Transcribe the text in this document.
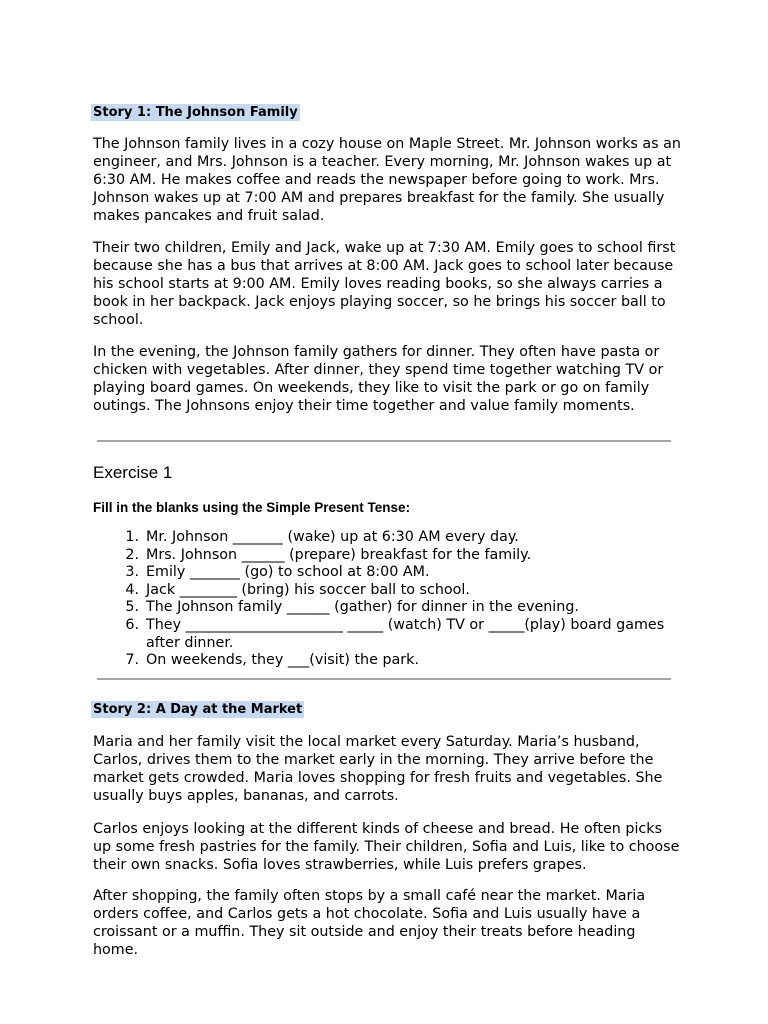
Story 1: The Johnson Family

The Johnson family lives in a cozy house on Maple Street. Mr. Johnson works as an engineer, and Mrs. Johnson is a teacher. Every morning, Mr. Johnson wakes up at 6:30 AM. He makes coffee and reads the newspaper before going to work. Mrs. Johnson wakes up at 7:00 AM and prepares breakfast for the family. She usually makes pancakes and fruit salad.

Their two children, Emily and Jack, wake up at 7:30 AM. Emily goes to school first because she has a bus that arrives at 8:00 AM. Jack goes to school later because his school starts at 9:00 AM. Emily loves reading books, so she always carries a book in her backpack. Jack enjoys playing soccer, so he brings his soccer ball to school.

In the evening, the Johnson family gathers for dinner. They often have pasta or chicken with vegetables. After dinner, they spend time together watching TV or playing board games. On weekends, they like to visit the park or go on family outings. The Johnsons enjoy their time together and value family moments.

Exercise 1

Fill in the blanks using the Simple Present Tense:

1. Mr. Johnson _______ (wake) up at 6:30 AM every day.
2. Mrs. Johnson ______ (prepare) breakfast for the family.
3. Emily _______ (go) to school at 8:00 AM.
4. Jack ________ (bring) his soccer ball to school.
5. The Johnson family ______ (gather) for dinner in the evening.
6. They ______________________ _____ (watch) TV or _____(play) board games after dinner.
7. On weekends, they ___(visit) the park.
Story 2: A Day at the Market

Maria and her family visit the local market every Saturday. Maria’s husband, Carlos, drives them to the market early in the morning. They arrive before the market gets crowded. Maria loves shopping for fresh fruits and vegetables. She usually buys apples, bananas, and carrots.

Carlos enjoys looking at the different kinds of cheese and bread. He often picks up some fresh pastries for the family. Their children, Sofia and Luis, like to choose their own snacks. Sofia loves strawberries, while Luis prefers grapes.

After shopping, the family often stops by a small café near the market. Maria orders coffee, and Carlos gets a hot chocolate. Sofia and Luis usually have a croissant or a muffin. They sit outside and enjoy their treats before heading home.
